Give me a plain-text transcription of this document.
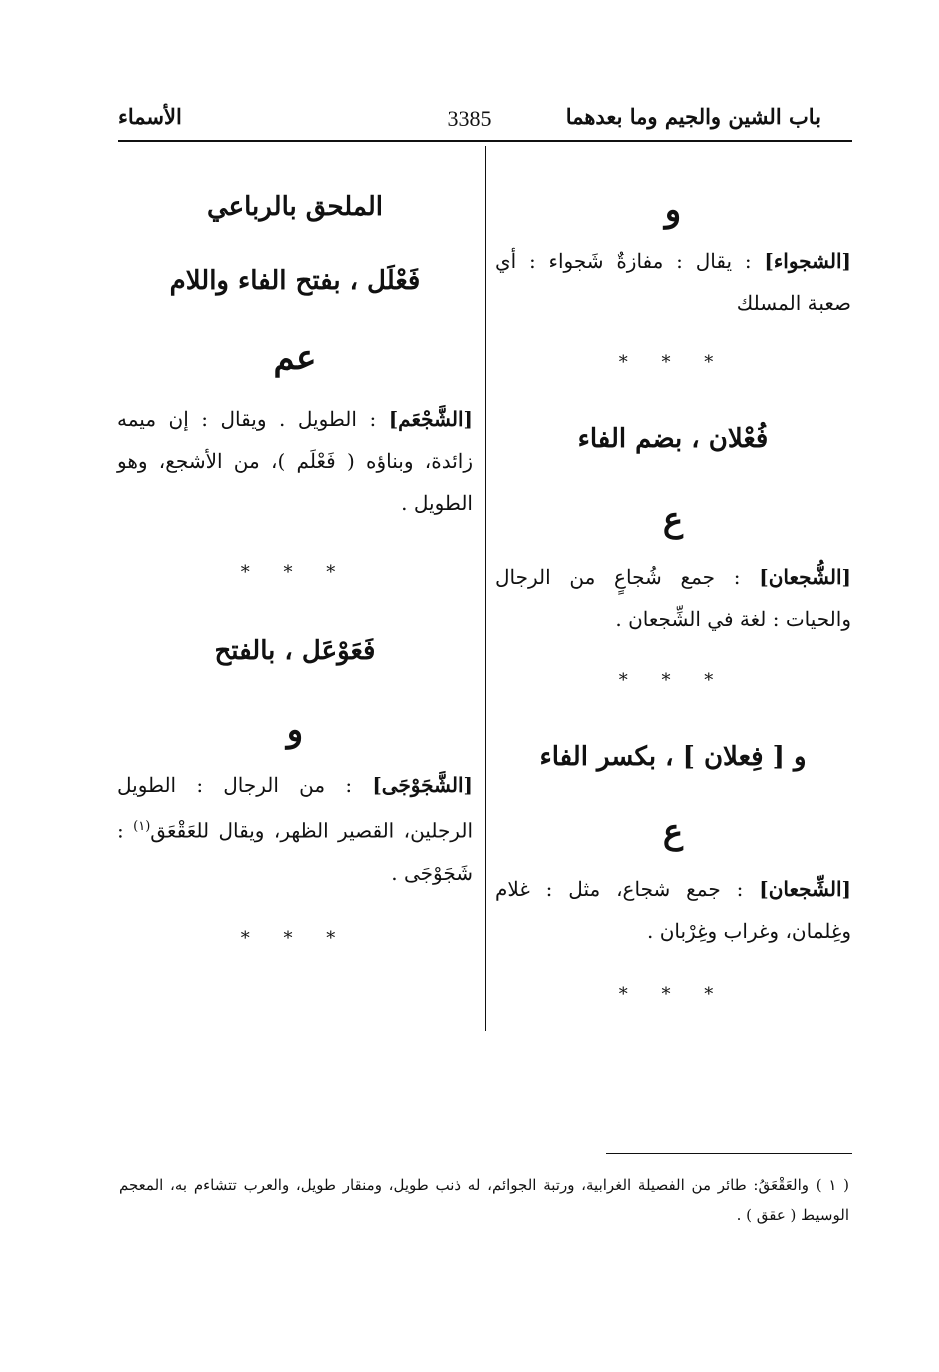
باب الشين والجيم وما بعدهما
3385
الأسماء

و

[الشجواء] : يقال : مفازةٌ شَجواء : أي صعبة المسلك

* * *

فُعْلان ، بضم الفاء

ع

[الشُّجعان] : جمع شُجاعٍ من الرجال والحيات : لغة في الشِّجعان .

* * *

و [ فِعلان ] ، بكسر الفاء

ع

[الشِّجعان] : جمع شجاع، مثل : غلام وغِلمان، وغراب وغِرْبان .

* * *

الملحق بالرباعي

فَعْلَل ، بفتح الفاء واللام

عم

[الشَّجْعَم] : الطويل . ويقال : إن ميمه زائدة، وبناؤه ( فَعْلَم )، من الأشجع، وهو الطويل .

* * *

فَعَوْعَل ، بالفتح

و

[الشَّجَوْجَى] : من الرجال : الطويل الرجلين، القصير الظهر، ويقال للعَقْعَق$^{(١)}$ : شَجَوْجَى .

* * *

( ١ ) والعَقْعَقُ: طائر من الفصيلة الغرابية، ورتبة الجوائم، له ذنب طويل، ومنقار طويل، والعرب تتشاءم به، المعجم الوسيط ( عقق ) .
